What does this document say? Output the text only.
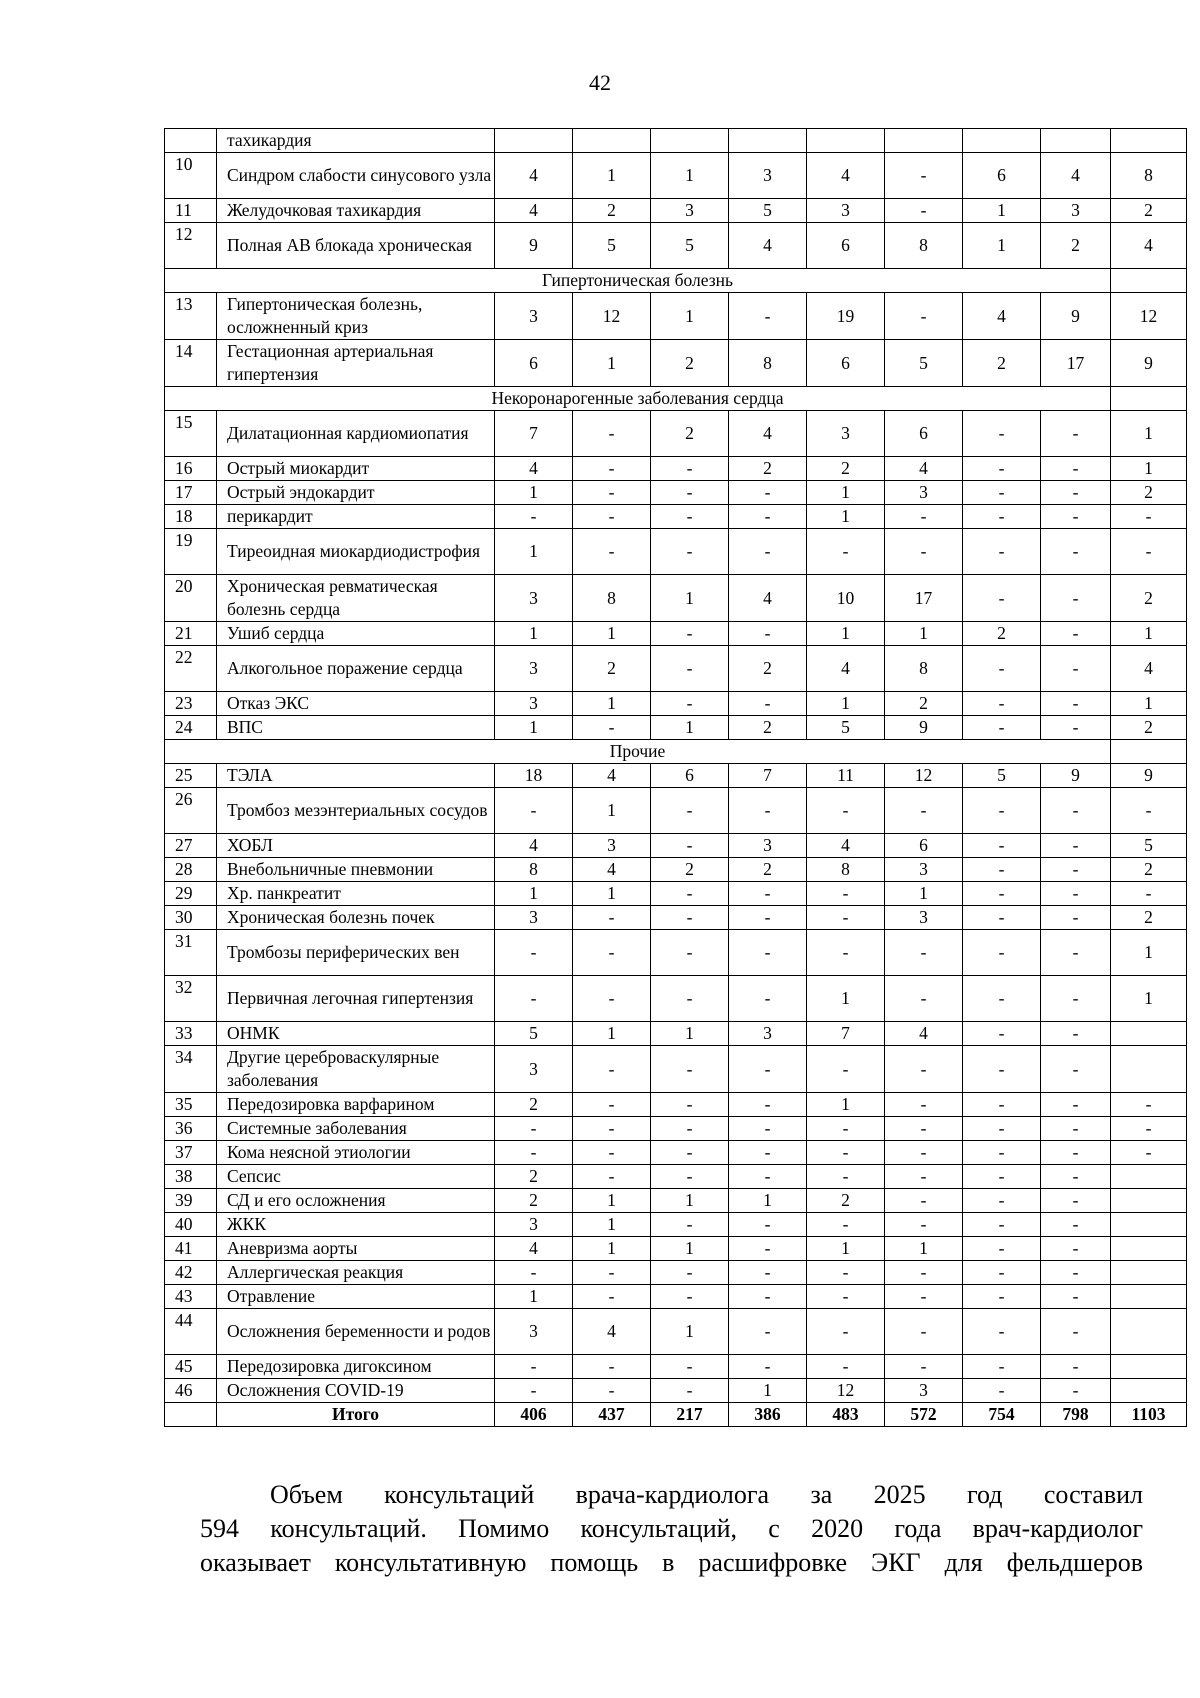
42
	тахикардия									
10	Синдром слабости синусового узла	4	1	1	3	4	-	6	4	8
11	Желудочковая тахикардия	4	2	3	5	3	-	1	3	2
12	Полная АВ блокада хроническая	9	5	5	4	6	8	1	2	4
Гипертоническая болезнь										
13	Гипертоническая болезнь, осложненный криз	3	12	1	-	19	-	4	9	12
14	Гестационная артериальная гипертензия	6	1	2	8	6	5	2	17	9
Некоронарогенные заболевания сердца										
15	Дилатационная кардиомиопатия	7	-	2	4	3	6	-	-	1
16	Острый миокардит	4	-	-	2	2	4	-	-	1
17	Острый эндокардит	1	-	-	-	1	3	-	-	2
18	перикардит	-	-	-	-	1	-	-	-	-
19	Тиреоидная миокардиодистрофия	1	-	-	-	-	-	-	-	-
20	Хроническая ревматическая болезнь сердца	3	8	1	4	10	17	-	-	2
21	Ушиб сердца	1	1	-	-	1	1	2	-	1
22	Алкогольное поражение сердца	3	2	-	2	4	8	-	-	4
23	Отказ ЭКС	3	1	-	-	1	2	-	-	1
24	ВПС	1	-	1	2	5	9	-	-	2
Прочие										
25	ТЭЛА	18	4	6	7	11	12	5	9	9
26	Тромбоз мезэнтериальных сосудов	-	1	-	-	-	-	-	-	-
27	ХОБЛ	4	3	-	3	4	6	-	-	5
28	Внебольничные пневмонии	8	4	2	2	8	3	-	-	2
29	Хр. панкреатит	1	1	-	-	-	1	-	-	-
30	Хроническая болезнь почек	3	-	-	-	-	3	-	-	2
31	Тромбозы периферических вен	-	-	-	-	-	-	-	-	1
32	Первичная легочная гипертензия	-	-	-	-	1	-	-	-	1
33	ОНМК	5	1	1	3	7	4	-	-	
34	Другие цереброваскулярные заболевания	3	-	-	-	-	-	-	-	
35	Передозировка варфарином	2	-	-	-	1	-	-	-	-
36	Системные заболевания	-	-	-	-	-	-	-	-	-
37	Кома неясной этиологии	-	-	-	-	-	-	-	-	-
38	Сепсис	2	-	-	-	-	-	-	-	
39	СД и его осложнения	2	1	1	1	2	-	-	-	
40	ЖКК	3	1	-	-	-	-	-	-	
41	Аневризма аорты	4	1	1	-	1	1	-	-	
42	Аллергическая реакция	-	-	-	-	-	-	-	-	
43	Отравление	1	-	-	-	-	-	-	-	
44	Осложнения беременности и родов	3	4	1	-	-	-	-	-	
45	Передозировка дигоксином	-	-	-	-	-	-	-	-	
46	Осложнения COVID-19	-	-	-	1	12	3	-	-	
	Итого	406	437	217	386	483	572	754	798	1103
Объем консультаций врача-кардиолога за 2025 год составил
594 консультаций. Помимо консультаций, с 2020 года врач-кардиолог
оказывает консультативную помощь в расшифровке ЭКГ для фельдшеров
